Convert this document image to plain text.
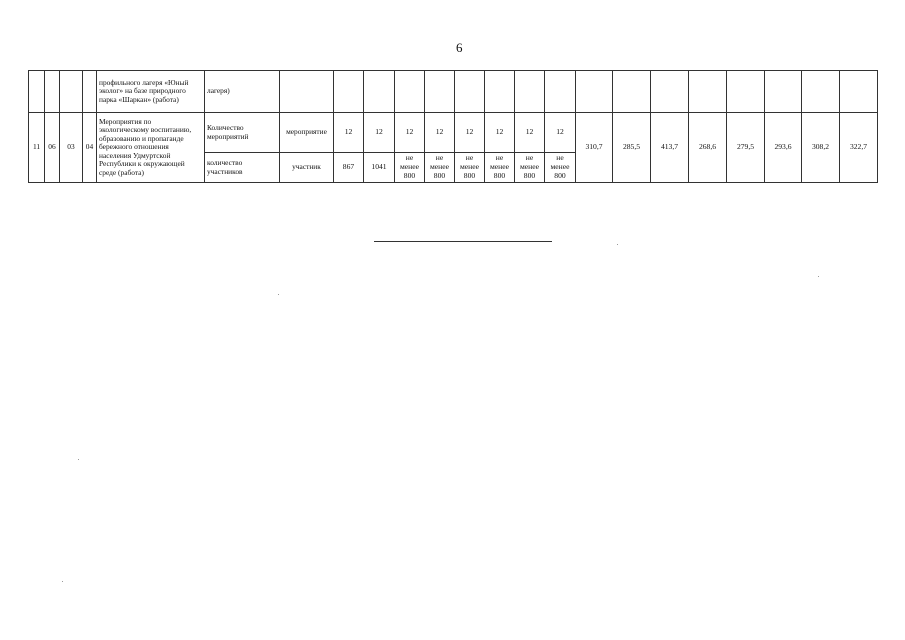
6
				профильного лагеря «Юный эколог» на базе природного парка «Шаркан» (работа)	лагеря)																	
11	06	03	04	Мероприятия по экологическому воспитанию, образованию и пропаганде бережного отношения населения Удмуртской Республики к окружающей среде (работа)	Количество мероприятий	мероприятие	12	12	12	12	12	12	12	12	310,7	285,5	413,7	268,6	279,5	293,6	308,2	322,7
					количество участников	участник	867	1041	не менее 800	не менее 800	не менее 800	не менее 800	не менее 800	не менее 800								
